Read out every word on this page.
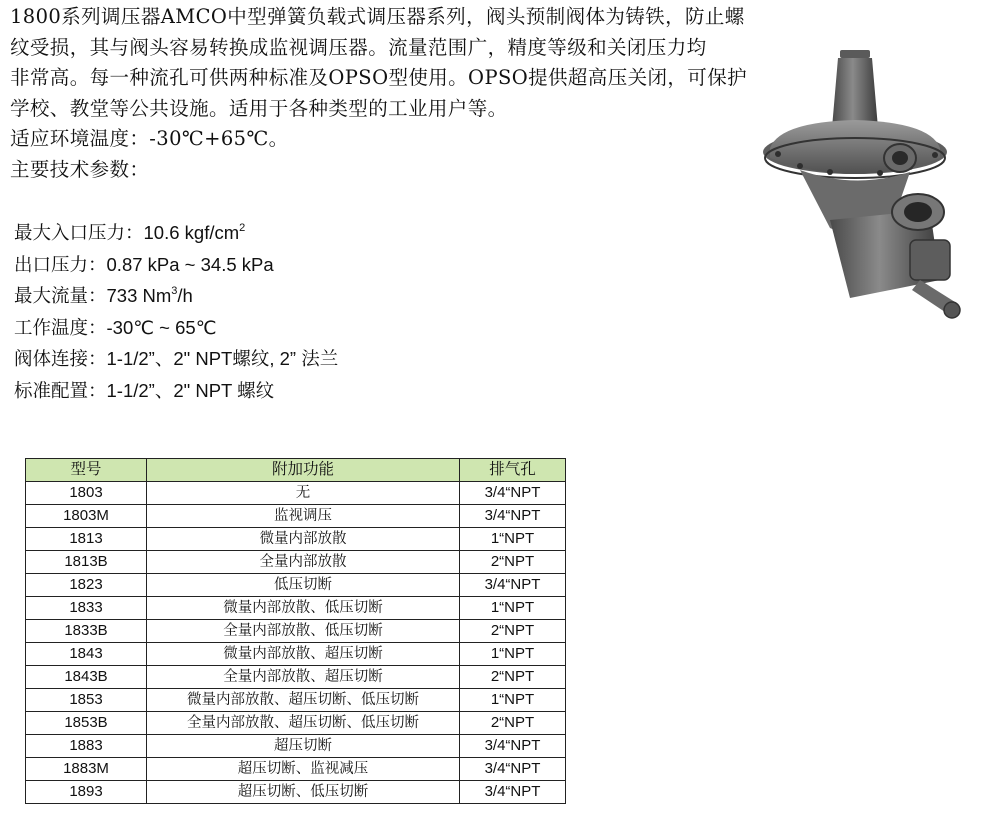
1800系列调压器AMCO中型弹簧负载式调压器系列，阀头预制阀体为铸铁，防止螺

纹受损，其与阀头容易转换成监视调压器。流量范围广，精度等级和关闭压力均

非常高。每一种流孔可供两种标准及OPSO型使用。OPSO提供超高压关闭，可保护

学校、教堂等公共设施。适用于各种类型的工业用户等。

适应环境温度：-30℃+65℃。

主要技术参数：

最大入口压力：10.6 kgf/$cm^2$
出口压力：0.87 kPa ~ 34.5 kPa
最大流量：733 Nm$^3$/h
工作温度：-30℃ ~ 65℃
阀体连接：1-1/2”、2" NPT螺纹, 2” 法兰
标准配置：1-1/2”、2" NPT 螺纹
型号	附加功能	排气孔
1803	无	3/4“NPT
1803M	监视调压	3/4“NPT
1813	微量内部放散	1“NPT
1813B	全量内部放散	2“NPT
1823	低压切断	3/4“NPT
1833	微量内部放散、低压切断	1“NPT
1833B	全量内部放散、低压切断	2“NPT
1843	微量内部放散、超压切断	1“NPT
1843B	全量内部放散、超压切断	2“NPT
1853	微量内部放散、超压切断、低压切断	1“NPT
1853B	全量内部放散、超压切断、低压切断	2“NPT
1883	超压切断	3/4“NPT
1883M	超压切断、监视减压	3/4“NPT
1893	超压切断、低压切断	3/4“NPT
